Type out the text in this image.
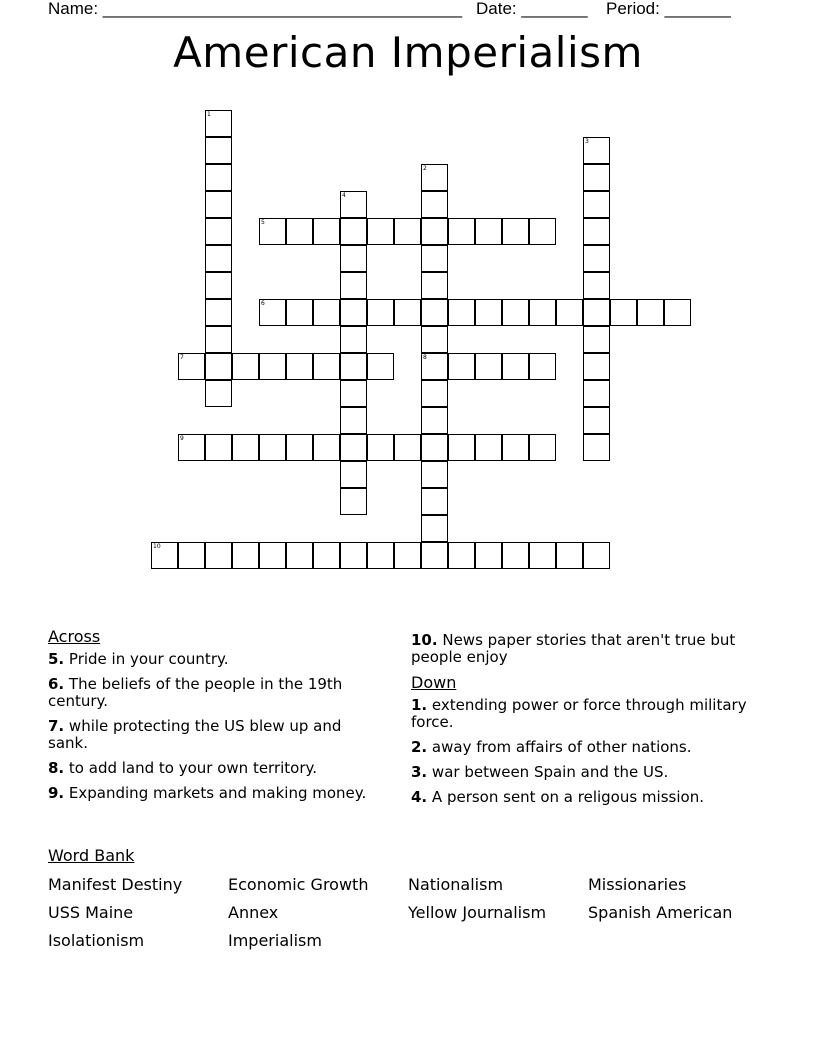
Name: ______________________________________ Date: _______ Period: _______
American Imperialism
1
2
8
3
4
5
6
7
9
10
Across
5. Pride in your country.
6. The beliefs of the people in the 19th century.
7. while protecting the US blew up and sank.
8. to add land to your own territory.
9. Expanding markets and making money.
10. News paper stories that aren't true but people enjoy
Down
1. extending power or force through military force.
2. away from affairs of other nations.
3. war between Spain and the US.
4. A person sent on a religous mission.
Word Bank
Manifest Destiny	Economic Growth	Nationalism	Missionaries
USS Maine	Annex	Yellow Journalism	Spanish American
Isolationism	Imperialism
